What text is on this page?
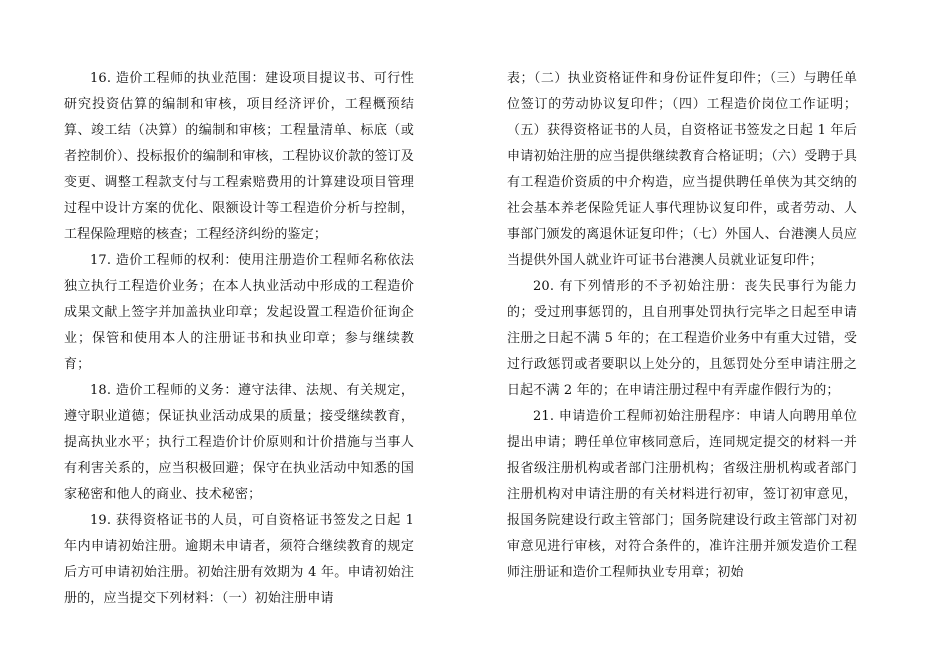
16. 造价工程师的执业范围：建设项目提议书、可行性研究投资估算的编制和审核，项目经济评价，工程概预结算、竣工结（决算）的编制和审核；工程量清单、标底（或者控制价）、投标报价的编制和审核，工程协议价款的签订及变更、调整工程款支付与工程索赔费用的计算建设项目管理过程中设计方案的优化、限额设计等工程造价分析与控制，工程保险理赔的核查；工程经济纠纷的鉴定；

17. 造价工程师的权利：使用注册造价工程师名称依法独立执行工程造价业务；在本人执业活动中形成的工程造价成果文献上签字并加盖执业印章；发起设置工程造价征询企业；保管和使用本人的注册证书和执业印章；参与继续教育；

18. 造价工程师的义务：遵守法律、法规、有关规定，遵守职业道德；保证执业活动成果的质量；接受继续教育，提高执业水平；执行工程造价计价原则和计价措施与当事人有利害关系的，应当积极回避；保守在执业活动中知悉的国家秘密和他人的商业、技术秘密；

19. 获得资格证书的人员，可自资格证书签发之日起 1 年内申请初始注册。逾期未申请者，须符合继续教育的规定后方可申请初始注册。初始注册有效期为 4 年。申请初始注册的，应当提交下列材料：（一）初始注册申请

表；（二）执业资格证件和身份证件复印件；（三）与聘任单位签订的劳动协议复印件；（四）工程造价岗位工作证明；（五）获得资格证书的人员，自资格证书签发之日起 1 年后申请初始注册的应当提供继续教育合格证明；（六）受聘于具有工程造价资质的中介构造，应当提供聘任单侠为其交纳的社会基本养老保险凭证人事代理协议复印件，或者劳动、人事部门颁发的离退休证复印件；（七）外国人、台港澳人员应当提供外国人就业许可证书台港澳人员就业证复印件；

20. 有下列情形的不予初始注册：丧失民事行为能力的；受过刑事惩罚的，且自刑事处罚执行完毕之日起至申请注册之日起不满 5 年的；在工程造价业务中有重大过错，受过行政惩罚或者要职以上处分的，且惩罚处分至申请注册之日起不满 2 年的；在申请注册过程中有弄虚作假行为的；

21. 申请造价工程师初始注册程序：申请人向聘用单位提出申请；聘任单位审核同意后，连同规定提交的材料一并报省级注册机构或者部门注册机构；省级注册机构或者部门注册机构对申请注册的有关材料进行初审，签订初审意见，报国务院建设行政主管部门；国务院建设行政主管部门对初审意见进行审核，对符合条件的，准许注册并颁发造价工程师注册证和造价工程师执业专用章；初始
